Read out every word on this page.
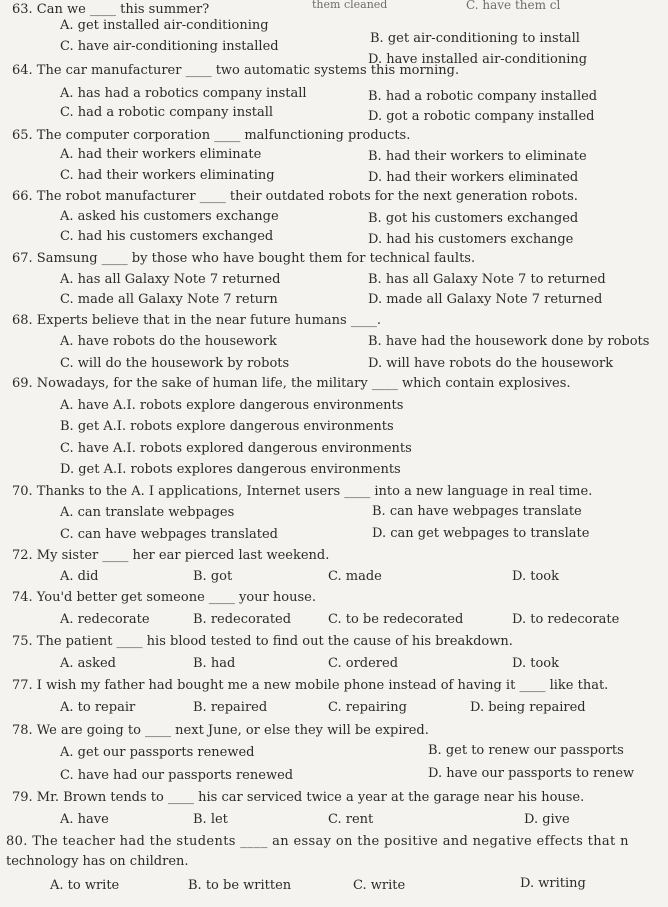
63. Can we ____ this summer?	them cleaned	C. have them cl
A. get installed air-conditioning
B. get air-conditioning to install
C. have air-conditioning installed
D. have installed air-conditioning
64. The car manufacturer ____ two automatic systems this morning.
A. has had a robotics company install	B. had a robotic company installed
C. had a robotic company install	D. got a robotic company installed
65. The computer corporation ____ malfunctioning products.
A. had their workers eliminate	B. had their workers to eliminate
C. had their workers eliminating	D. had their workers eliminated
66. The robot manufacturer ____ their outdated robots for the next generation robots.
A. asked his customers exchange	B. got his customers exchanged
C. had his customers exchanged	D. had his customers exchange
67. Samsung ____ by those who have bought them for technical faults.
A. has all Galaxy Note 7 returned	B. has all Galaxy Note 7 to returned
C. made all Galaxy Note 7 return	D. made all Galaxy Note 7 returned
68. Experts believe that in the near future humans ____.
A. have robots do the housework	B. have had the housework done by robots
C. will do the housework by robots	D. will have robots do the housework
69. Nowadays, for the sake of human life, the military ____ which contain explosives.
A. have A.I. robots explore dangerous environments
B. get A.I. robots explore dangerous environments
C. have A.I. robots explored dangerous environments
D. get A.I. robots explores dangerous environments
70. Thanks to the A. I applications, Internet users ____ into a new language in real time.
A. can translate webpages	B. can have webpages translate
C. can have webpages translated	D. can get webpages to translate
72. My sister ____ her ear pierced last weekend.
A. did	B. got	C. made	D. took
74. You'd better get someone ____ your house.
A. redecorate	B. redecorated	C. to be redecorated	D. to redecorate
75. The patient ____ his blood tested to find out the cause of his breakdown.
A. asked	B. had	C. ordered	D. took
77. I wish my father had bought me a new mobile phone instead of having it ____ like that.
A. to repair	B. repaired	C. repairing	D. being repaired
78. We are going to ____ next June, or else they will be expired.
A. get our passports renewed	B. get to renew our passports
C. have had our passports renewed	D. have our passports to renew
79. Mr. Brown tends to ____ his car serviced twice a year at the garage near his house.
A. have	B. let	C. rent	D. give
80. The teacher had the students ____ an essay on the positive and negative effects that n
technology has on children.
A. to write	B. to be written	C. write	D. writing
